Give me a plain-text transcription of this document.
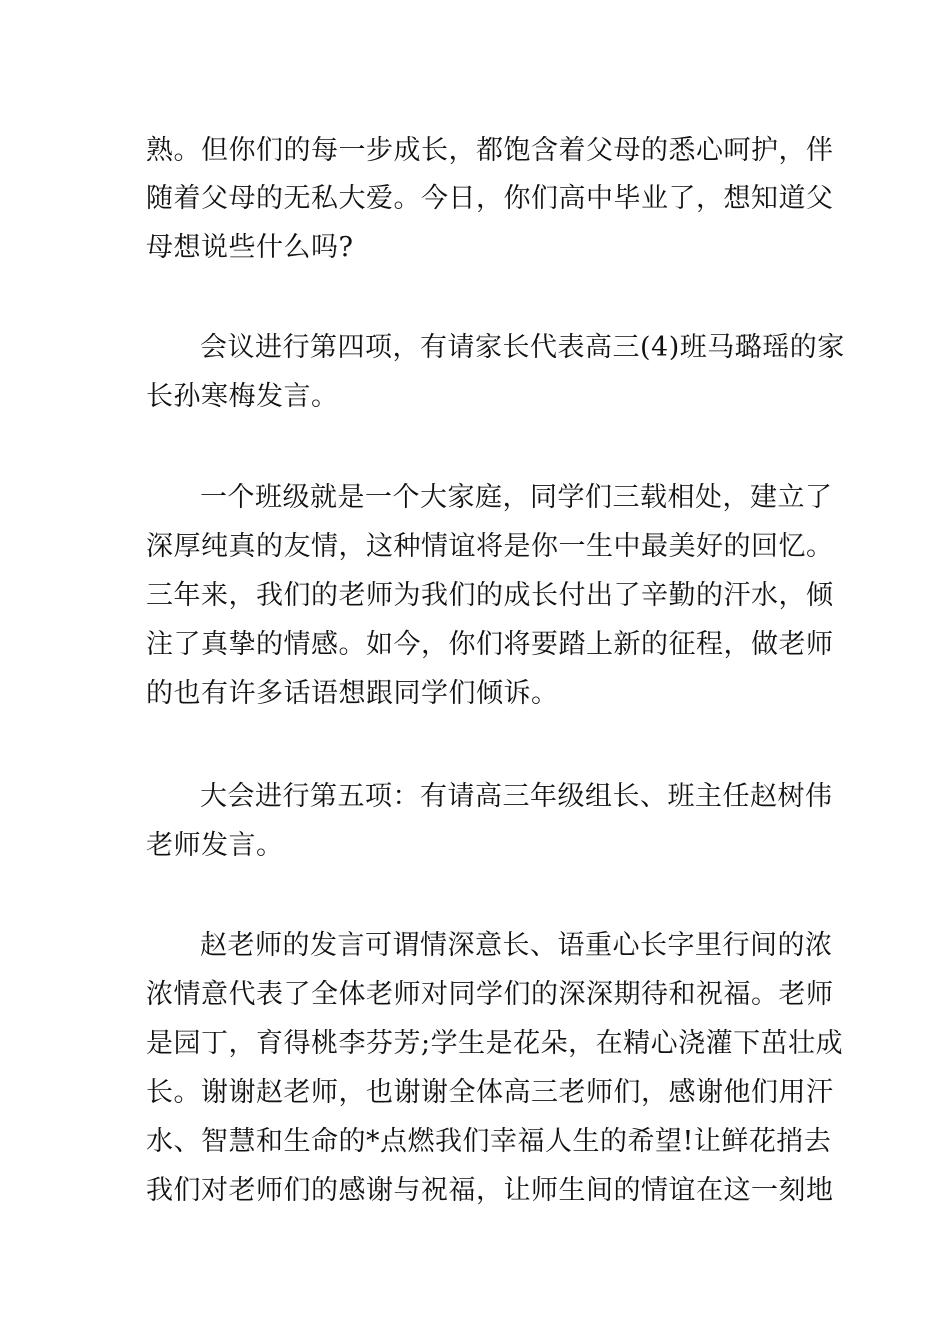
熟。但你们的每一步成长，都饱含着父母的悉心呵护，伴
随着父母的无私大爱。今日，你们高中毕业了，想知道父
母想说些什么吗?
会议进行第四项，有请家长代表高三(4)班马璐瑶的家
长孙寒梅发言。
一个班级就是一个大家庭，同学们三载相处，建立了
深厚纯真的友情，这种情谊将是你一生中最美好的回忆。
三年来，我们的老师为我们的成长付出了辛勤的汗水，倾
注了真挚的情感。如今，你们将要踏上新的征程，做老师
的也有许多话语想跟同学们倾诉。
大会进行第五项：有请高三年级组长、班主任赵树伟
老师发言。
赵老师的发言可谓情深意长、语重心长字里行间的浓
浓情意代表了全体老师对同学们的深深期待和祝福。老师
是园丁，育得桃李芬芳;学生是花朵，在精心浇灌下茁壮成
长。谢谢赵老师，也谢谢全体高三老师们，感谢他们用汗
水、智慧和生命的*点燃我们幸福人生的希望!让鲜花捎去
我们对老师们的感谢与祝福，让师生间的情谊在这一刻地
